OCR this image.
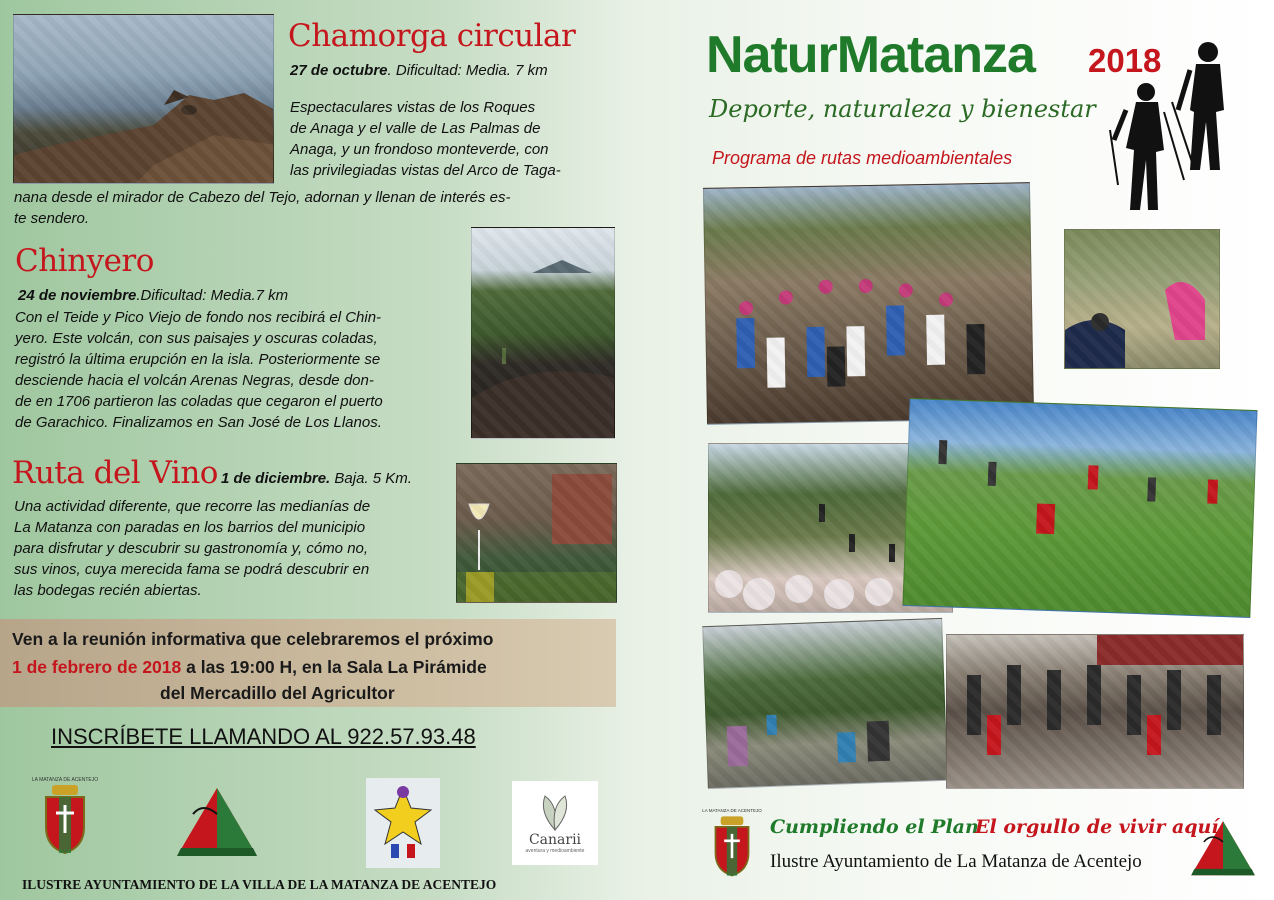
Chamorga circular
27 de octubre. Dificultad: Media. 7 km
Espectaculares vistas de los Roques
de Anaga y el valle de Las Palmas de
Anaga, y un frondoso monteverde, con
las privilegiadas vistas del Arco de Taga-
nana desde el mirador de Cabezo del Tejo, adornan y llenan de interés es-
te sendero.
Chinyero
24 de noviembre.Dificultad: Media.7 km
Con el Teide y Pico Viejo de fondo nos recibirá el Chin-
yero. Este volcán, con sus paisajes y oscuras coladas,
registró la última erupción en la isla. Posteriormente se
desciende hacia el volcán Arenas Negras, desde don-
de en 1706 partieron las coladas que cegaron el puerto
de Garachico. Finalizamos en San José de Los Llanos.
Ruta del Vino 1 de diciembre. Baja. 5 Km.
Una actividad diferente, que recorre las medianías de
La Matanza con paradas en los barrios del municipio
para disfrutar y descubrir su gastronomía y, cómo no,
sus vinos, cuya merecida fama se podrá descubrir en
las bodegas recién abiertas.
Ven a la reunión informativa que celebraremos el próximo
1 de febrero de 2018 a las 19:00 H, en la Sala La Pirámide
del Mercadillo del Agricultor
INSCRÍBETE LLAMANDO AL 922.57.93.48
LA MATANZA DE ACENTEJO
Canarii
aventura y medioambiente
ILUSTRE AYUNTAMIENTO DE LA VILLA DE LA MATANZA DE ACENTEJO
NaturMatanza 2018
Deporte, naturaleza y bienestar
Programa de rutas medioambientales
LA MATANZA DE ACENTEJO
Cumpliendo el Plan
El orgullo de vivir aquí
Ilustre Ayuntamiento de La Matanza de Acentejo
